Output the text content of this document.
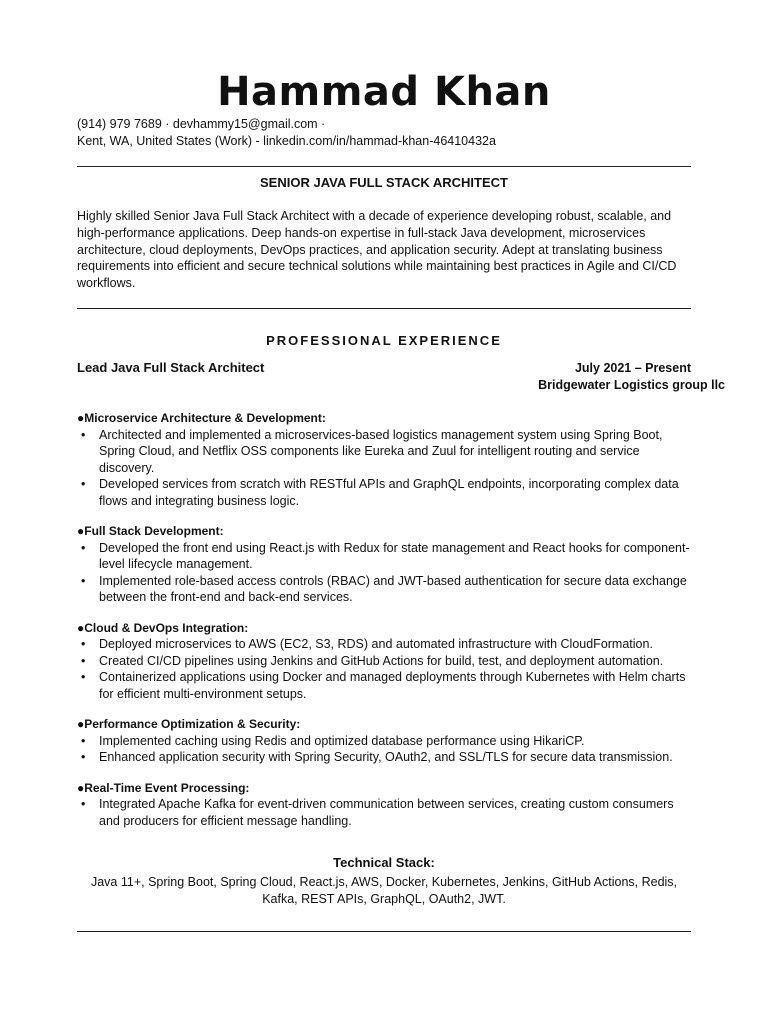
Hammad Khan
(914) 979 7689 · devhammy15@gmail.com ·
Kent, WA, United States (Work) - linkedin.com/in/hammad-khan-46410432a
SENIOR JAVA FULL STACK ARCHITECT

Highly skilled Senior Java Full Stack Architect with a decade of experience developing robust, scalable, and high-performance applications. Deep hands-on expertise in full-stack Java development, microservices architecture, cloud deployments, DevOps practices, and application security. Adept at translating business requirements into efficient and secure technical solutions while maintaining best practices in Agile and CI/CD workflows.

PROFESSIONAL EXPERIENCE
Lead Java Full Stack Architect	July 2021 – Present
Bridgewater Logistics group llc
●Microservice Architecture & Development:
• Architected and implemented a microservices-based logistics management system using Spring Boot, Spring Cloud, and Netflix OSS components like Eureka and Zuul for intelligent routing and service discovery.
• Developed services from scratch with RESTful APIs and GraphQL endpoints, incorporating complex data flows and integrating business logic.
●Full Stack Development:
• Developed the front end using React.js with Redux for state management and React hooks for component-level lifecycle management.
• Implemented role-based access controls (RBAC) and JWT-based authentication for secure data exchange between the front-end and back-end services.
●Cloud & DevOps Integration:
• Deployed microservices to AWS (EC2, S3, RDS) and automated infrastructure with CloudFormation.
• Created CI/CD pipelines using Jenkins and GitHub Actions for build, test, and deployment automation.
• Containerized applications using Docker and managed deployments through Kubernetes with Helm charts for efficient multi-environment setups.
●Performance Optimization & Security:
• Implemented caching using Redis and optimized database performance using HikariCP.
• Enhanced application security with Spring Security, OAuth2, and SSL/TLS for secure data transmission.
●Real-Time Event Processing:
• Integrated Apache Kafka for event-driven communication between services, creating custom consumers and producers for efficient message handling.
Technical Stack:

Java 11+, Spring Boot, Spring Cloud, React.js, AWS, Docker, Kubernetes, Jenkins, GitHub Actions, Redis, Kafka, REST APIs, GraphQL, OAuth2, JWT.
